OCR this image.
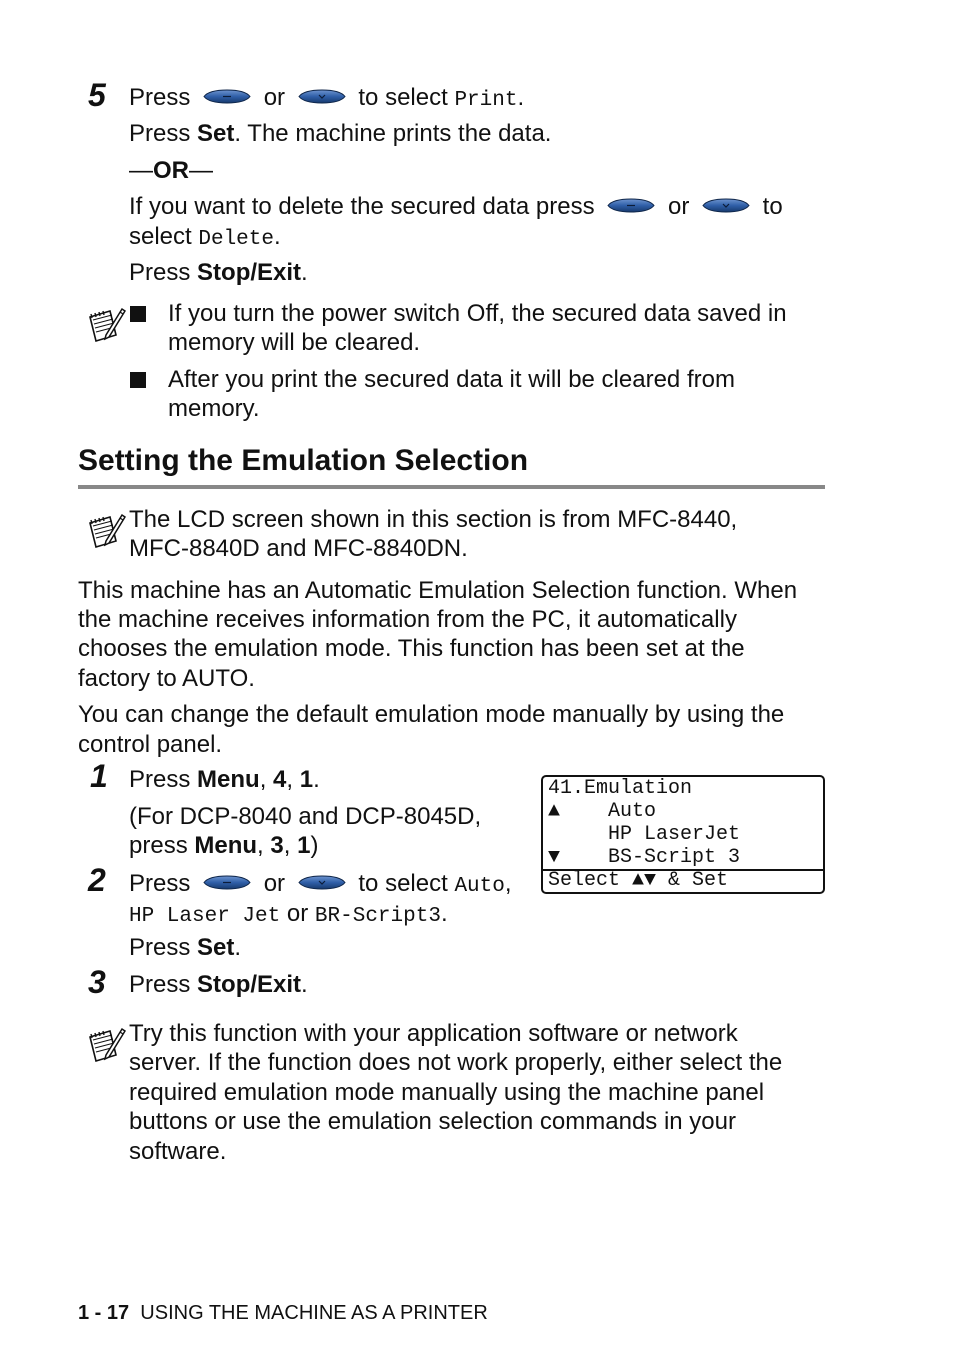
5 Press	or	to select Print.
Press Set. The machine prints the data.
—OR—
If you want to delete the secured data press	or	to
select Delete.
Press Stop/Exit.
If you turn the power switch Off, the secured data saved in
memory will be cleared.
After you print the secured data it will be cleared from
memory.
Setting the Emulation Selection
The LCD screen shown in this section is from MFC-8440,
MFC-8840D and MFC-8840DN.
This machine has an Automatic Emulation Selection function. When
the machine receives information from the PC, it automatically
chooses the emulation mode. This function has been set at the
factory to AUTO.
You can change the default emulation mode manually by using the
control panel.
1 Press Menu, 4, 1.
(For DCP-8040 and DCP-8045D,
press Menu, 3, 1)
2 Press	or	to select Auto,
HP Laser Jet or BR-Script3.
Press Set.
3 Press Stop/Exit.
41.Emulation
▲    Auto
HP LaserJet
▼    BS-Script 3
Select ▲▼ & Set
Try this function with your application software or network
server. If the function does not work properly, either select the
required emulation mode manually using the machine panel
buttons or use the emulation selection commands in your
software.
1 - 17 USING THE MACHINE AS A PRINTER
